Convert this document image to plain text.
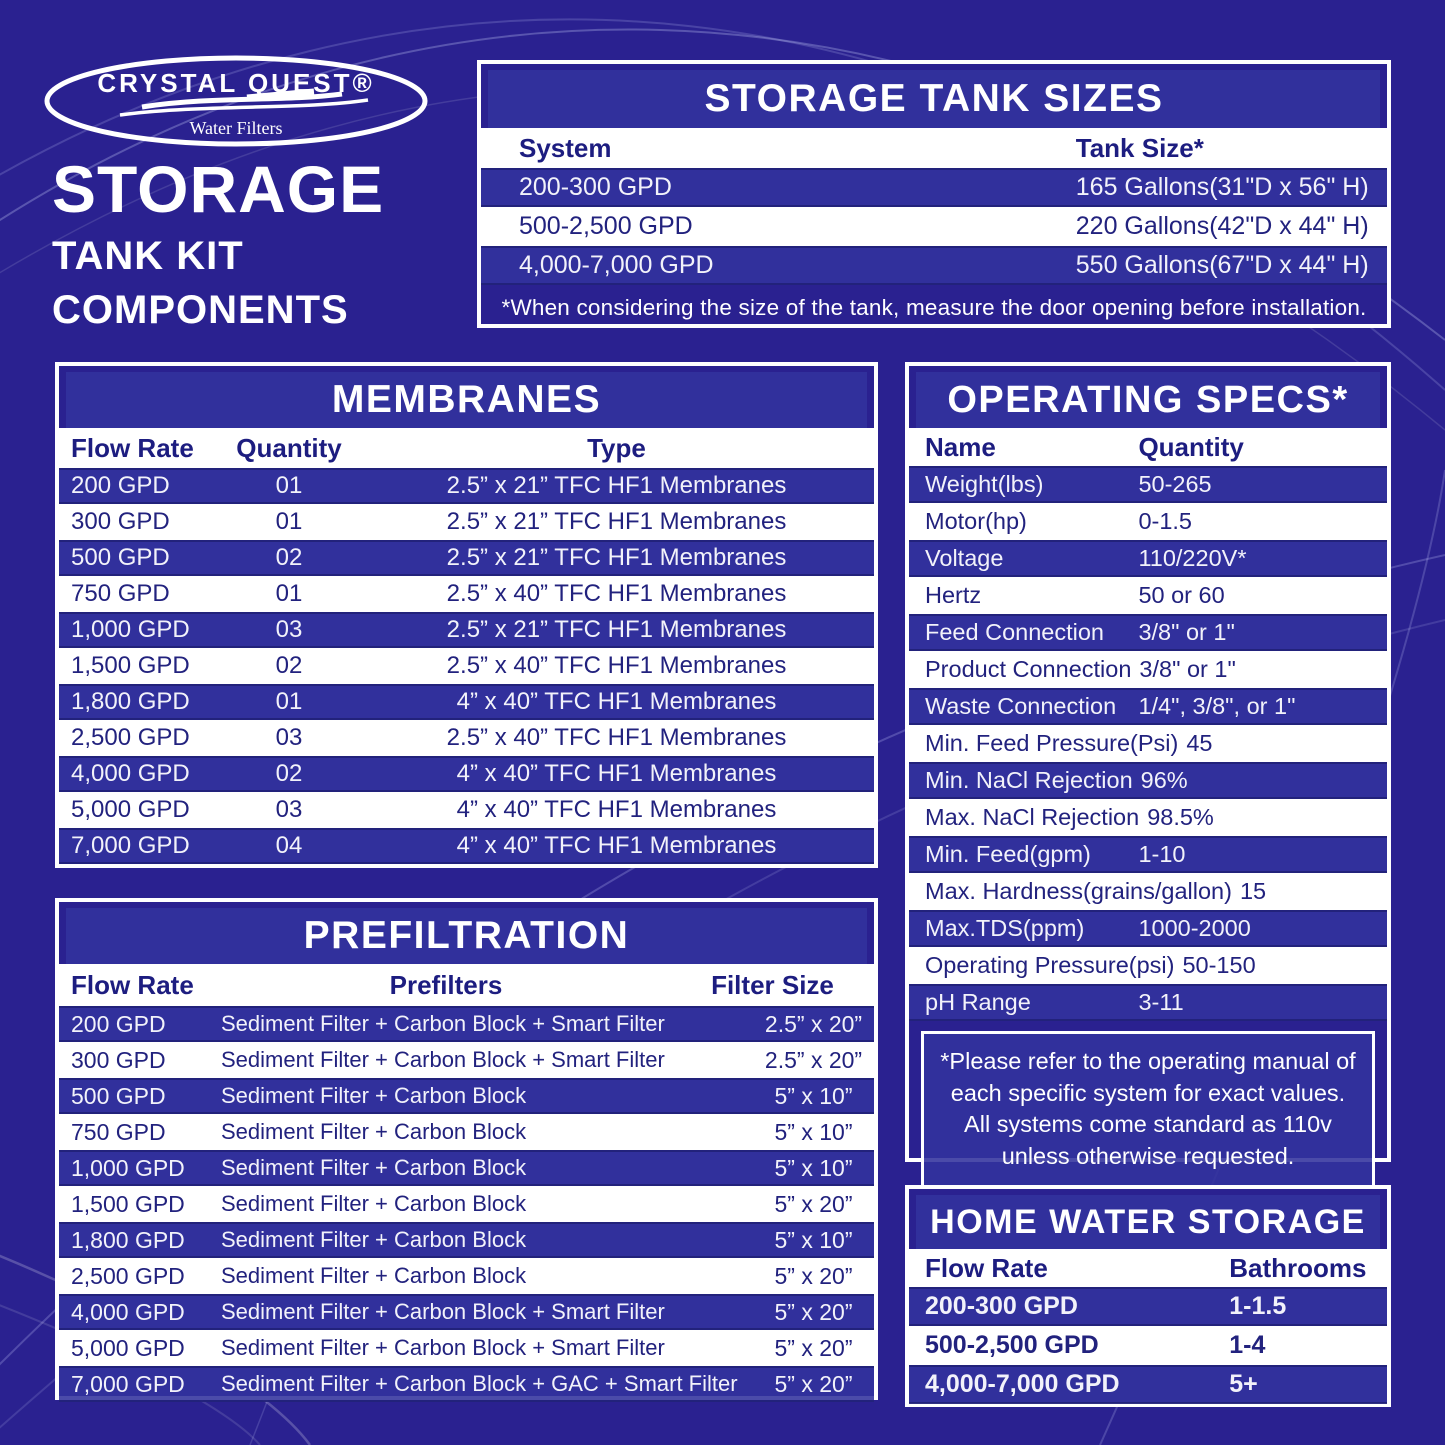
CRYSTAL QUEST®
Water Filters
STORAGE
TANK KIT
COMPONENTS
STORAGE TANK SIZES
System	Tank Size*
200-300 GPD	165 Gallons(31"D x 56" H)
500-2,500 GPD	220 Gallons(42"D x 44" H)
4,000-7,000 GPD	550 Gallons(67"D x 44" H)
*When considering the size of the tank, measure the door opening before installation.
MEMBRANES
Flow Rate	Quantity	Type
200 GPD	01	2.5” x 21” TFC HF1 Membranes
300 GPD	01	2.5” x 21” TFC HF1 Membranes
500 GPD	02	2.5” x 21” TFC HF1 Membranes
750 GPD	01	2.5” x 40” TFC HF1 Membranes
1,000 GPD	03	2.5” x 21” TFC HF1 Membranes
1,500 GPD	02	2.5” x 40” TFC HF1 Membranes
1,800 GPD	01	4” x 40” TFC HF1 Membranes
2,500 GPD	03	2.5” x 40” TFC HF1 Membranes
4,000 GPD	02	4” x 40” TFC HF1 Membranes
5,000 GPD	03	4” x 40” TFC HF1 Membranes
7,000 GPD	04	4” x 40” TFC HF1 Membranes
OPERATING SPECS*
Name	Quantity
Weight(lbs)	50-265
Motor(hp)	0-1.5
Voltage	110/220V*
Hertz	50 or 60
Feed Connection	3/8" or 1"
Product Connection 3/8" or 1"
Waste Connection 1/4", 3/8", or 1"
Min. Feed Pressure(Psi) 45
Min. NaCl Rejection 96%
Max. NaCl Rejection 98.5%
Min. Feed(gpm)	1-10
Max. Hardness(grains/gallon) 15
Max.TDS(ppm)	1000-2000
Operating Pressure(psi) 50-150
pH Range	3-11
*Please refer to the operating manual of each specific system for exact values. All systems come standard as 110v unless otherwise requested.
PREFILTRATION
Flow Rate	Prefilters	Filter Size
200 GPD	Sediment Filter + Carbon Block + Smart Filter	2.5” x 20”
300 GPD	Sediment Filter + Carbon Block + Smart Filter	2.5” x 20”
500 GPD	Sediment Filter + Carbon Block	5” x 10”
750 GPD	Sediment Filter + Carbon Block	5” x 10”
1,000 GPD	Sediment Filter + Carbon Block	5” x 10”
1,500 GPD	Sediment Filter + Carbon Block	5” x 20”
1,800 GPD	Sediment Filter + Carbon Block	5” x 10”
2,500 GPD	Sediment Filter + Carbon Block	5” x 20”
4,000 GPD	Sediment Filter + Carbon Block + Smart Filter	5” x 20”
5,000 GPD	Sediment Filter + Carbon Block + Smart Filter	5” x 20”
7,000 GPD	Sediment Filter + Carbon Block + GAC + Smart Filter	5” x 20”
HOME WATER STORAGE
Flow Rate	Bathrooms
200-300 GPD	1-1.5
500-2,500 GPD	1-4
4,000-7,000 GPD	5+
